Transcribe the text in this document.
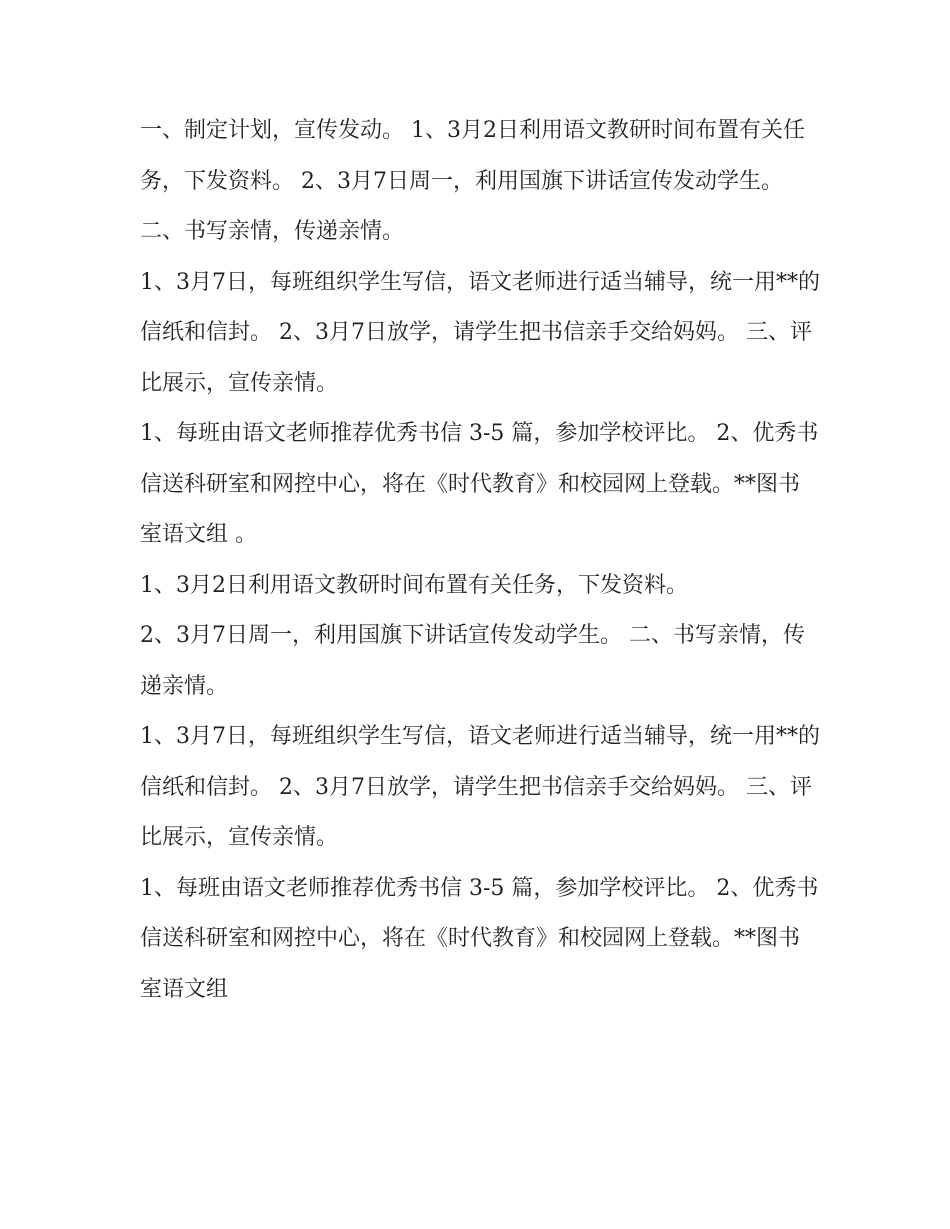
一、制定计划，宣传发动。 1、3月2日利用语文教研时间布置有关任务，下发资料。 2、3月7日周一，利用国旗下讲话宣传发动学生。 二、书写亲情，传递亲情。

1、3月7日，每班组织学生写信，语文老师进行适当辅导，统一用**的信纸和信封。 2、3月7日放学，请学生把书信亲手交给妈妈。 三、评比展示，宣传亲情。

1、每班由语文老师推荐优秀书信 3-5 篇，参加学校评比。 2、优秀书信送科研室和网控中心，将在《时代教育》和校园网上登载。**图书室语文组 。

1、3月2日利用语文教研时间布置有关任务，下发资料。

2、3月7日周一，利用国旗下讲话宣传发动学生。 二、书写亲情，传递亲情。

1、3月7日，每班组织学生写信，语文老师进行适当辅导，统一用**的信纸和信封。 2、3月7日放学，请学生把书信亲手交给妈妈。 三、评比展示，宣传亲情。

1、每班由语文老师推荐优秀书信 3-5 篇，参加学校评比。 2、优秀书信送科研室和网控中心，将在《时代教育》和校园网上登载。**图书室语文组
